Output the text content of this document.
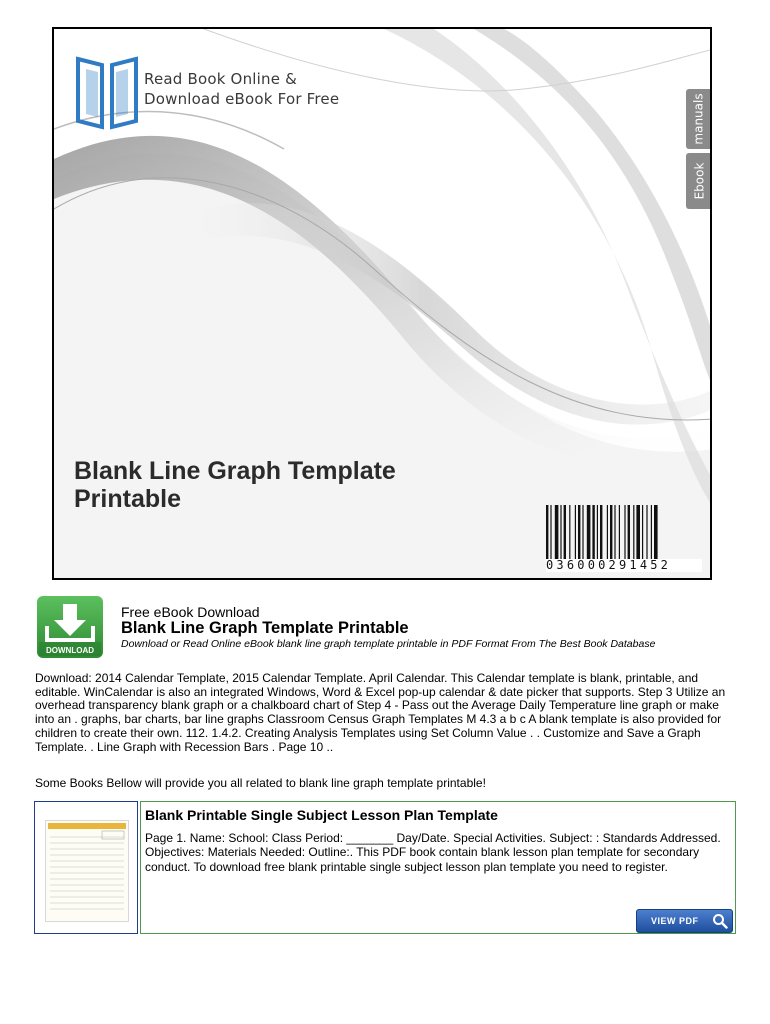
Read Book Online &
Download eBook For Free	manuals
Ebook
Blank Line Graph Template Printable
036000291452
DOWNLOAD
Free eBook Download
Blank Line Graph Template Printable
Download or Read Online eBook blank line graph template printable in PDF Format From The Best Book Database
Download: 2014 Calendar Template, 2015 Calendar Template. April Calendar. This Calendar template is blank, printable, and editable. WinCalendar is also an integrated Windows, Word & Excel pop-up calendar & date picker that supports. Step 3 Utilize an overhead transparency blank graph or a chalkboard chart of Step 4 - Pass out the Average Daily Temperature line graph or make into an . graphs, bar charts, bar line graphs Classroom Census Graph Templates M 4.3 a b c A blank template is also provided for children to create their own. 112. 1.4.2. Creating Analysis Templates using Set Column Value . . Customize and Save a Graph Template. . Line Graph with Recession Bars . Page 10 ..
Some Books Bellow will provide you all related to blank line graph template printable!
Blank Printable Single Subject Lesson Plan Template
Page 1. Name: School: Class Period: _______ Day/Date. Special Activities. Subject: : Standards Addressed. Objectives: Materials Needed: Outline:. This PDF book contain blank lesson plan template for secondary conduct. To download free blank printable single subject lesson plan template you need to register.
VIEW PDF
